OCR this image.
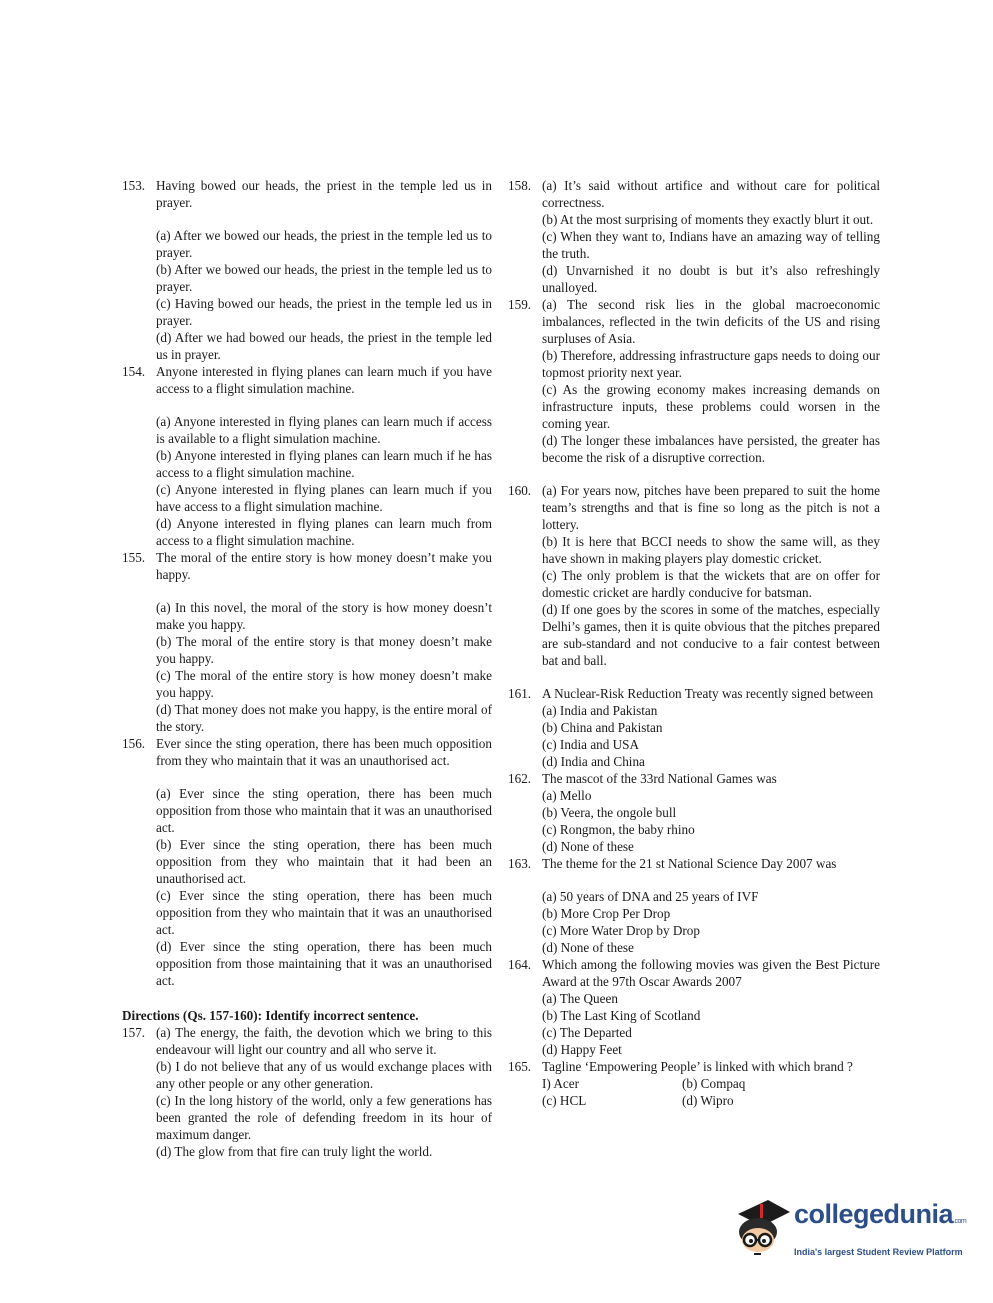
153. Having bowed our heads, the priest in the temple led us in prayer.
(a) After we bowed our heads, the priest in the temple led us to prayer.
(b) After we bowed our heads, the priest in the temple led us to prayer.
(c) Having bowed our heads, the priest in the temple led us in prayer.
(d) After we had bowed our heads, the priest in the temple led us in prayer.
154. Anyone interested in flying planes can learn much if you have access to a flight simulation machine.
(a) Anyone interested in flying planes can learn much if access is available to a flight simulation machine.
(b) Anyone interested in flying planes can learn much if he has access to a flight simulation machine.
(c) Anyone interested in flying planes can learn much if you have access to a flight simulation machine.
(d) Anyone interested in flying planes can learn much from access to a flight simulation machine.
155. The moral of the entire story is how money doesn’t make you happy.
(a) In this novel, the moral of the story is how money doesn’t make you happy.
(b) The moral of the entire story is that money doesn’t make you happy.
(c) The moral of the entire story is how money doesn’t make you happy.
(d) That money does not make you happy, is the entire moral of the story.
156. Ever since the sting operation, there has been much opposition from they who maintain that it was an unauthorised act.
(a) Ever since the sting operation, there has been much opposition from those who maintain that it was an unauthorised act.
(b) Ever since the sting operation, there has been much opposition from they who maintain that it had been an unauthorised act.
(c) Ever since the sting operation, there has been much opposition from they who maintain that it was an unauthorised act.
(d) Ever since the sting operation, there has been much opposition from those maintaining that it was an unauthorised act.
Directions (Qs. 157-160): Identify incorrect sentence.
157. (a) The energy, the faith, the devotion which we bring to this endeavour will light our country and all who serve it.
(b) I do not believe that any of us would exchange places with any other people or any other generation.
(c) In the long history of the world, only a few generations has been granted the role of defending freedom in its hour of maximum danger.
(d) The glow from that fire can truly light the world.
158. (a) It’s said without artifice and without care for political correctness.
(b) At the most surprising of moments they exactly blurt it out.
(c) When they want to, Indians have an amazing way of telling the truth.
(d) Unvarnished it no doubt is but it’s also refreshingly unalloyed.
159. (a) The second risk lies in the global macroeconomic imbalances, reflected in the twin deficits of the US and rising surpluses of Asia.
(b) Therefore, addressing infrastructure gaps needs to doing our topmost priority next year.
(c) As the growing economy makes increasing demands on infrastructure inputs, these problems could worsen in the coming year.
(d) The longer these imbalances have persisted, the greater has become the risk of a disruptive correction.
160. (a) For years now, pitches have been prepared to suit the home team’s strengths and that is fine so long as the pitch is not a lottery.
(b) It is here that BCCI needs to show the same will, as they have shown in making players play domestic cricket.
(c) The only problem is that the wickets that are on offer for domestic cricket are hardly conducive for batsman.
(d) If one goes by the scores in some of the matches, especially Delhi’s games, then it is quite obvious that the pitches prepared are sub-standard and not conducive to a fair contest between bat and ball.
161. A Nuclear-Risk Reduction Treaty was recently signed between
(a) India and Pakistan
(b) China and Pakistan
(c) India and USA
(d) India and China
162. The mascot of the 33rd National Games was
(a) Mello
(b) Veera, the ongole bull
(c) Rongmon, the baby rhino
(d) None of these
163. The theme for the 21 st National Science Day 2007 was
(a) 50 years of DNA and 25 years of IVF
(b) More Crop Per Drop
(c) More Water Drop by Drop
(d) None of these
164. Which among the following movies was given the Best Picture Award at the 97th Oscar Awards 2007
(a) The Queen
(b) The Last King of Scotland
(c) The Departed
(d) Happy Feet
165. Tagline ‘Empowering People’ is linked with which brand ?
I) Acer	(b) Compaq
(c) HCL	(d) Wipro
collegedunia.com
India's largest Student Review Platform
